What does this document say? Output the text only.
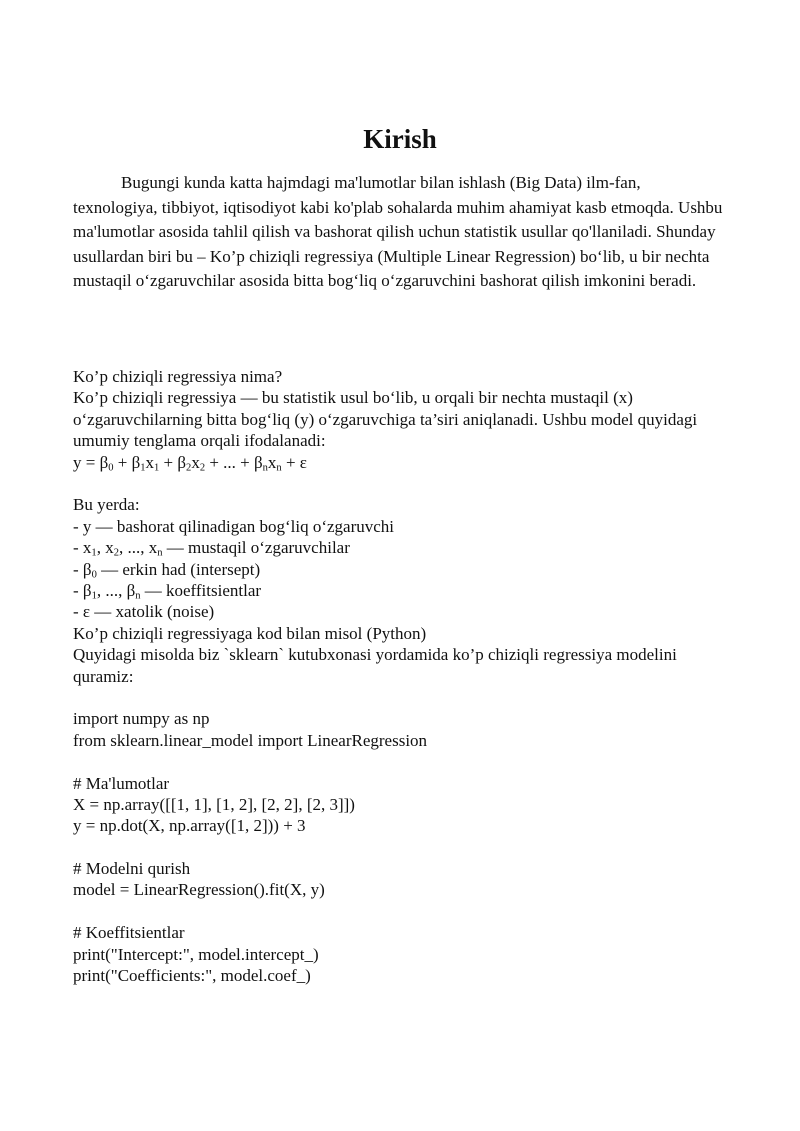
Kirish

Bugungi kunda katta hajmdagi ma'lumotlar bilan ishlash (Big Data) ilm-fan, texnologiya, tibbiyot, iqtisodiyot kabi ko'plab sohalarda muhim ahamiyat kasb etmoqda. Ushbu ma'lumotlar asosida tahlil qilish va bashorat qilish uchun statistik usullar qo'llaniladi. Shunday usullardan biri bu – Ko’p chiziqli regressiya (Multiple Linear Regression) bo‘lib, u bir nechta mustaqil o‘zgaruvchilar asosida bitta bog‘liq o‘zgaruvchini bashorat qilish imkonini beradi.

Ko’p chiziqli regressiya nima?
Ko’p chiziqli regressiya — bu statistik usul bo‘lib, u orqali bir nechta mustaqil (x) o‘zgaruvchilarning bitta bog‘liq (y) o‘zgaruvchiga ta’siri aniqlanadi. Ushbu model quyidagi umumiy tenglama orqali ifodalanadi:
$y = \beta_0 + \beta_1x_1 + \beta_2x_2$ + ... + $\beta_nx_n + \varepsilon$
Bu yerda:
- y — bashorat qilinadigan bog‘liq o‘zgaruvchi
- $x_1$, $x_2$, ..., $x_n$ — mustaqil o‘zgaruvchilar
- $\beta_0$ — erkin had (intersept)
- $\beta_1$, ..., $\beta_n$ — koeffitsientlar
- ε — xatolik (noise)
Ko’p chiziqli regressiyaga kod bilan misol (Python)
Quyidagi misolda biz `sklearn` kutubxonasi yordamida ko’p chiziqli regressiya modelini quramiz:
import numpy as np
from sklearn.linear_model import LinearRegression
# Ma'lumotlar
X = np.array([[1, 1], [1, 2], [2, 2], [2, 3]])
y = np.dot(X, np.array([1, 2])) + 3
# Modelni qurish
model = LinearRegression().fit(X, y)
# Koeffitsientlar
print("Intercept:", model.intercept_)
print("Coefficients:", model.coef_)
